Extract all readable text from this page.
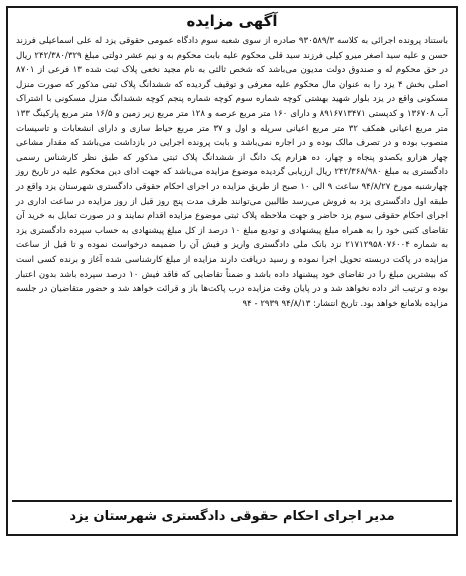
آگهی مزایده

باستناد پرونده اجرائی به کلاسه ۹۳۰۵۸۹/۳ صادره از سوی شعبه سوم دادگاه عمومی حقوقی یزد له علی اسماعیلی فرزند حسن و علیه سید اصغر میرو کیلی فرزند سید قلی محکوم علیه بابت محکوم به و نیم عشر دولتی مبلغ ۲۴۲/۳۸۰/۳۲۹ ریال در حق محکوم له و صندوق دولت مدیون می‌باشد که شخص ثالثی به نام مجید نخعی پلاک ثبت شده ۱۳ فرعی از ۸۷۰۱ اصلی بخش ۴ یزد را به عنوان مال محکوم علیه معرفی و توقیف گردیده که ششدانگ پلاک ثبتی مذکور که صورت منزل مسکونی واقع در یزد بلوار شهید بهشتی کوچه شماره سوم کوچه شماره پنجم کوچه ششدانگ منزل مسکونی با اشتراک آب ۱۳۶۷۰۸ و کدپستی ۸۹۱۶۷۱۳۴۷۱ و دارای ۱۶۰ متر مربع عرصه و ۱۲۸ متر مربع زیر زمین و ۱۶/۵ متر مربع پارکینگ ۱۳۳ متر مربع اعیانی همکف ۳۲ متر مربع اعیانی سرپله و اول و ۳۷ متر مربع حیاط سازی و دارای انشعابات و تاسیسات منصوب بوده و در تصرف مالک بوده و در اجاره نمی‌باشد و بابت پرونده اجرایی در بازداشت می‌باشد که مقدار مشاعی چهار هزارو یکصدو پنجاه و چهار، ده هزارم یک دانگ از ششدانگ پلاک ثبتی مذکور که طبق نظر کارشناس رسمی دادگستری به مبلغ ۲۴۲/۳۶۸/۹۸۰ ریال ارزیابی گردیده موضوع مزایده می‌باشد که جهت ادای دین محکوم علیه در تاریخ روز چهارشنبه مورخ ۹۴/۸/۲۷ ساعت ۹ الی ۱۰ صبح از طریق مزایده در اجرای احکام حقوقی دادگستری شهرستان یزد واقع در طبقه اول دادگستری یزد به فروش می‌رسد طالبین می‌توانند ظرف مدت پنج روز قبل از روز مزایده در ساعت اداری در اجرای احکام حقوقی سوم یزد حاضر و جهت ملاحظه پلاک ثبتی موضوع مزایده اقدام نمایند و در صورت تمایل به خرید آن تقاضای کتبی خود را به همراه مبلغ پیشنهادی و تودیع مبلغ ۱۰ درصد از کل مبلغ پیشنهادی به حساب سپرده دادگستری یزد به شماره ۲۱۷۱۲۹۵۸۰۷۶۰۰۴ نزد بانک ملی دادگستری واریز و فیش آن را ضمیمه درخواست نموده و تا قبل از ساعت مزایده در پاکت دربسته تحویل اجرا نموده و رسید دریافت دارند مزایده از مبلغ کارشناسی شده آغاز و برنده کسی است که بیشترین مبلغ را در تقاضای خود پیشنهاد داده باشد و ضمناً تقاضایی که فاقد فیش ۱۰ درصد سپرده باشد بدون اعتبار بوده و ترتیب اثر داده نخواهد شد و در پایان وقت مزایده درب پاکت‌ها باز و قرائت خواهد شد و حضور متقاضیان در جلسه مزایده بلامانع خواهد بود. تاریخ انتشار: ۹۴/۸/۱۳ ۲۹۳۹ - ۹۴

مدیر اجرای احکام حقوقی دادگستری شهرستان یزد
